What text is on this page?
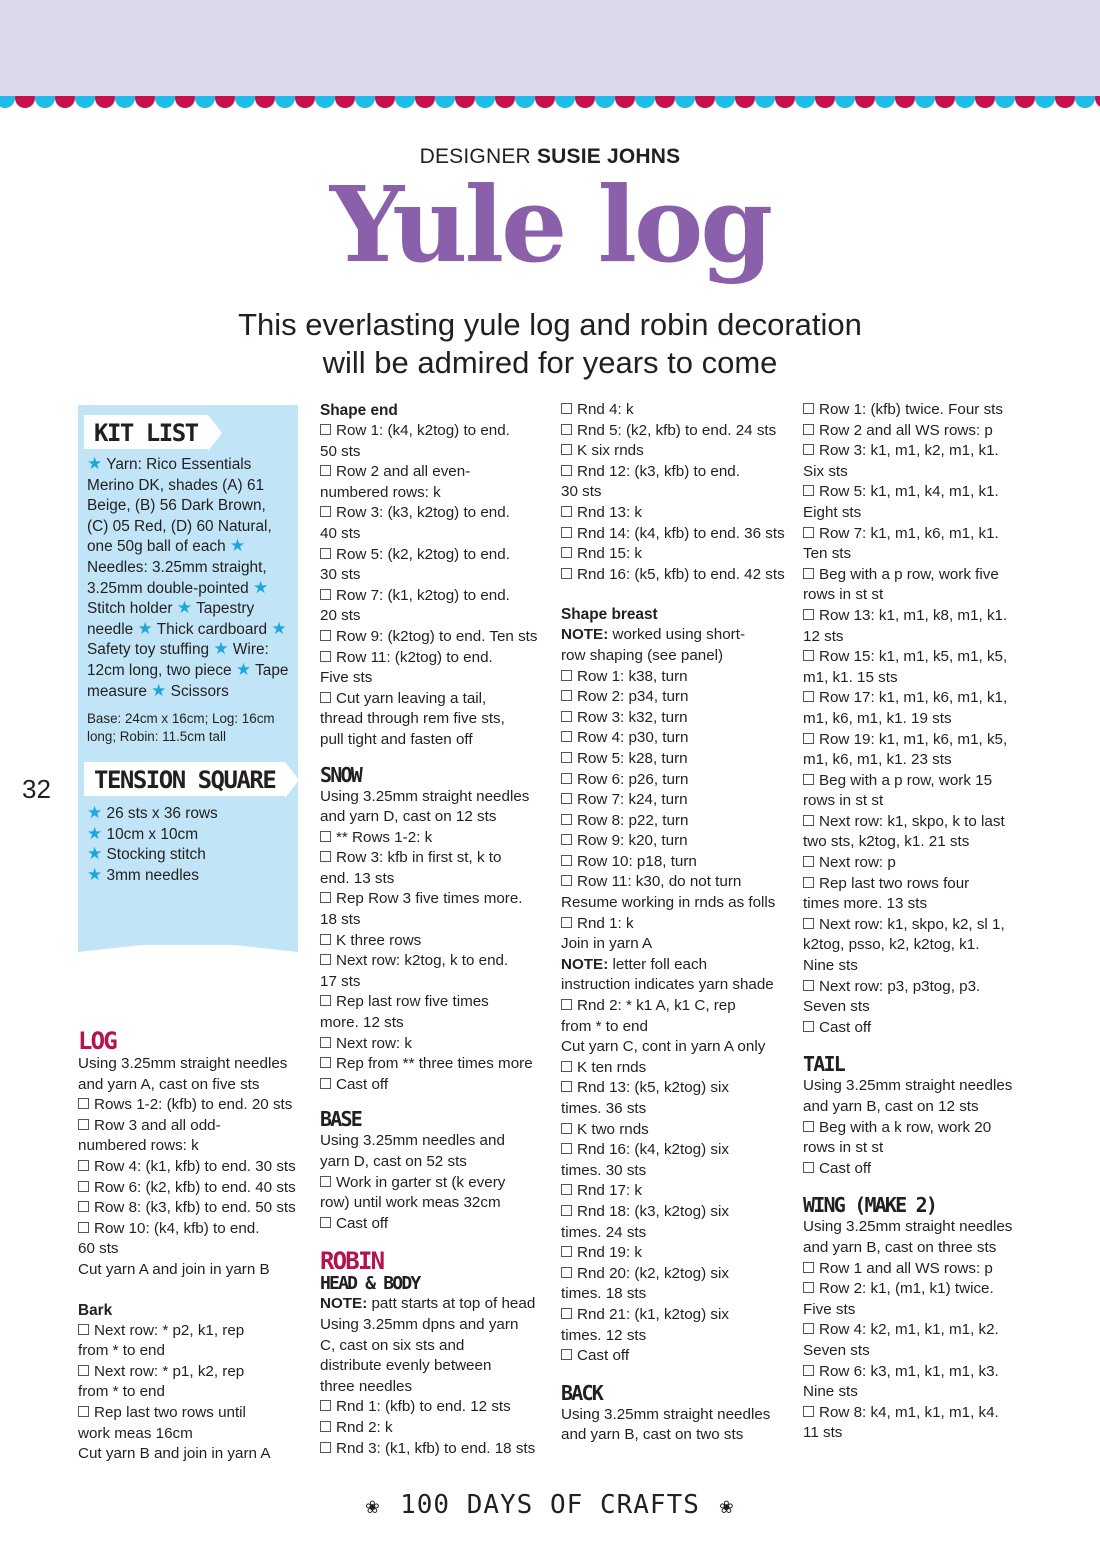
DESIGNER SUSIE JOHNS
Yule log
This everlasting yule log and robin decoration
will be admired for years to come
32
KIT LIST
★ Yarn: Rico Essentials Merino DK, shades (A) 61 Beige, (B) 56 Dark Brown, (C) 05 Red, (D) 60 Natural, one 50g ball of each ★ Needles: 3.25mm straight, 3.25mm double-pointed ★ Stitch holder ★ Tapestry needle ★ Thick cardboard ★ Safety toy stuffing ★ Wire: 12cm long, two piece ★ Tape measure ★ Scissors
Base: 24cm x 16cm; Log: 16cm long; Robin: 11.5cm tall
TENSION SQUARE
★ 26 sts x 36 rows
★ 10cm x 10cm
★ Stocking stitch
★ 3mm needles
LOG
Using 3.25mm straight needles
and yarn A, cast on five sts
Rows 1-2: (kfb) to end. 20 sts
Row 3 and all odd-
numbered rows: k
Row 4: (k1, kfb) to end. 30 sts
Row 6: (k2, kfb) to end. 40 sts
Row 8: (k3, kfb) to end. 50 sts
Row 10: (k4, kfb) to end.
60 sts
Cut yarn A and join in yarn B
Bark
Next row: * p2, k1, rep
from * to end
Next row: * p1, k2, rep
from * to end
Rep last two rows until
work meas 16cm
Cut yarn B and join in yarn A
Shape end
Row 1: (k4, k2tog) to end.
50 sts
Row 2 and all even-
numbered rows: k
Row 3: (k3, k2tog) to end.
40 sts
Row 5: (k2, k2tog) to end.
30 sts
Row 7: (k1, k2tog) to end.
20 sts
Row 9: (k2tog) to end. Ten sts
Row 11: (k2tog) to end.
Five sts
Cut yarn leaving a tail,
thread through rem five sts,
pull tight and fasten off
SNOW
Using 3.25mm straight needles
and yarn D, cast on 12 sts
** Rows 1-2: k
Row 3: kfb in first st, k to
end. 13 sts
Rep Row 3 five times more.
18 sts
K three rows
Next row: k2tog, k to end.
17 sts
Rep last row five times
more. 12 sts
Next row: k
Rep from ** three times more
Cast off
BASE
Using 3.25mm needles and
yarn D, cast on 52 sts
Work in garter st (k every
row) until work meas 32cm
Cast off
ROBIN
HEAD & BODY
NOTE: patt starts at top of head
Using 3.25mm dpns and yarn
C, cast on six sts and
distribute evenly between
three needles
Rnd 1: (kfb) to end. 12 sts
Rnd 2: k
Rnd 3: (k1, kfb) to end. 18 sts
Rnd 4: k
Rnd 5: (k2, kfb) to end. 24 sts
K six rnds
Rnd 12: (k3, kfb) to end.
30 sts
Rnd 13: k
Rnd 14: (k4, kfb) to end. 36 sts
Rnd 15: k
Rnd 16: (k5, kfb) to end. 42 sts
Shape breast
NOTE: worked using short-
row shaping (see panel)
Row 1: k38, turn
Row 2: p34, turn
Row 3: k32, turn
Row 4: p30, turn
Row 5: k28, turn
Row 6: p26, turn
Row 7: k24, turn
Row 8: p22, turn
Row 9: k20, turn
Row 10: p18, turn
Row 11: k30, do not turn
Resume working in rnds as folls
Rnd 1: k
Join in yarn A
NOTE: letter foll each
instruction indicates yarn shade
Rnd 2: * k1 A, k1 C, rep
from * to end
Cut yarn C, cont in yarn A only
K ten rnds
Rnd 13: (k5, k2tog) six
times. 36 sts
K two rnds
Rnd 16: (k4, k2tog) six
times. 30 sts
Rnd 17: k
Rnd 18: (k3, k2tog) six
times. 24 sts
Rnd 19: k
Rnd 20: (k2, k2tog) six
times. 18 sts
Rnd 21: (k1, k2tog) six
times. 12 sts
Cast off
BACK
Using 3.25mm straight needles
and yarn B, cast on two sts
Row 1: (kfb) twice. Four sts
Row 2 and all WS rows: p
Row 3: k1, m1, k2, m1, k1.
Six sts
Row 5: k1, m1, k4, m1, k1.
Eight sts
Row 7: k1, m1, k6, m1, k1.
Ten sts
Beg with a p row, work five
rows in st st
Row 13: k1, m1, k8, m1, k1.
12 sts
Row 15: k1, m1, k5, m1, k5,
m1, k1. 15 sts
Row 17: k1, m1, k6, m1, k1,
m1, k6, m1, k1. 19 sts
Row 19: k1, m1, k6, m1, k5,
m1, k6, m1, k1. 23 sts
Beg with a p row, work 15
rows in st st
Next row: k1, skpo, k to last
two sts, k2tog, k1. 21 sts
Next row: p
Rep last two rows four
times more. 13 sts
Next row: k1, skpo, k2, sl 1,
k2tog, psso, k2, k2tog, k1.
Nine sts
Next row: p3, p3tog, p3.
Seven sts
Cast off
TAIL
Using 3.25mm straight needles
and yarn B, cast on 12 sts
Beg with a k row, work 20
rows in st st
Cast off
WING (MAKE 2)
Using 3.25mm straight needles
and yarn B, cast on three sts
Row 1 and all WS rows: p
Row 2: k1, (m1, k1) twice.
Five sts
Row 4: k2, m1, k1, m1, k2.
Seven sts
Row 6: k3, m1, k1, m1, k3.
Nine sts
Row 8: k4, m1, k1, m1, k4.
11 sts
❀ 100 DAYS OF CRAFTS ❀
